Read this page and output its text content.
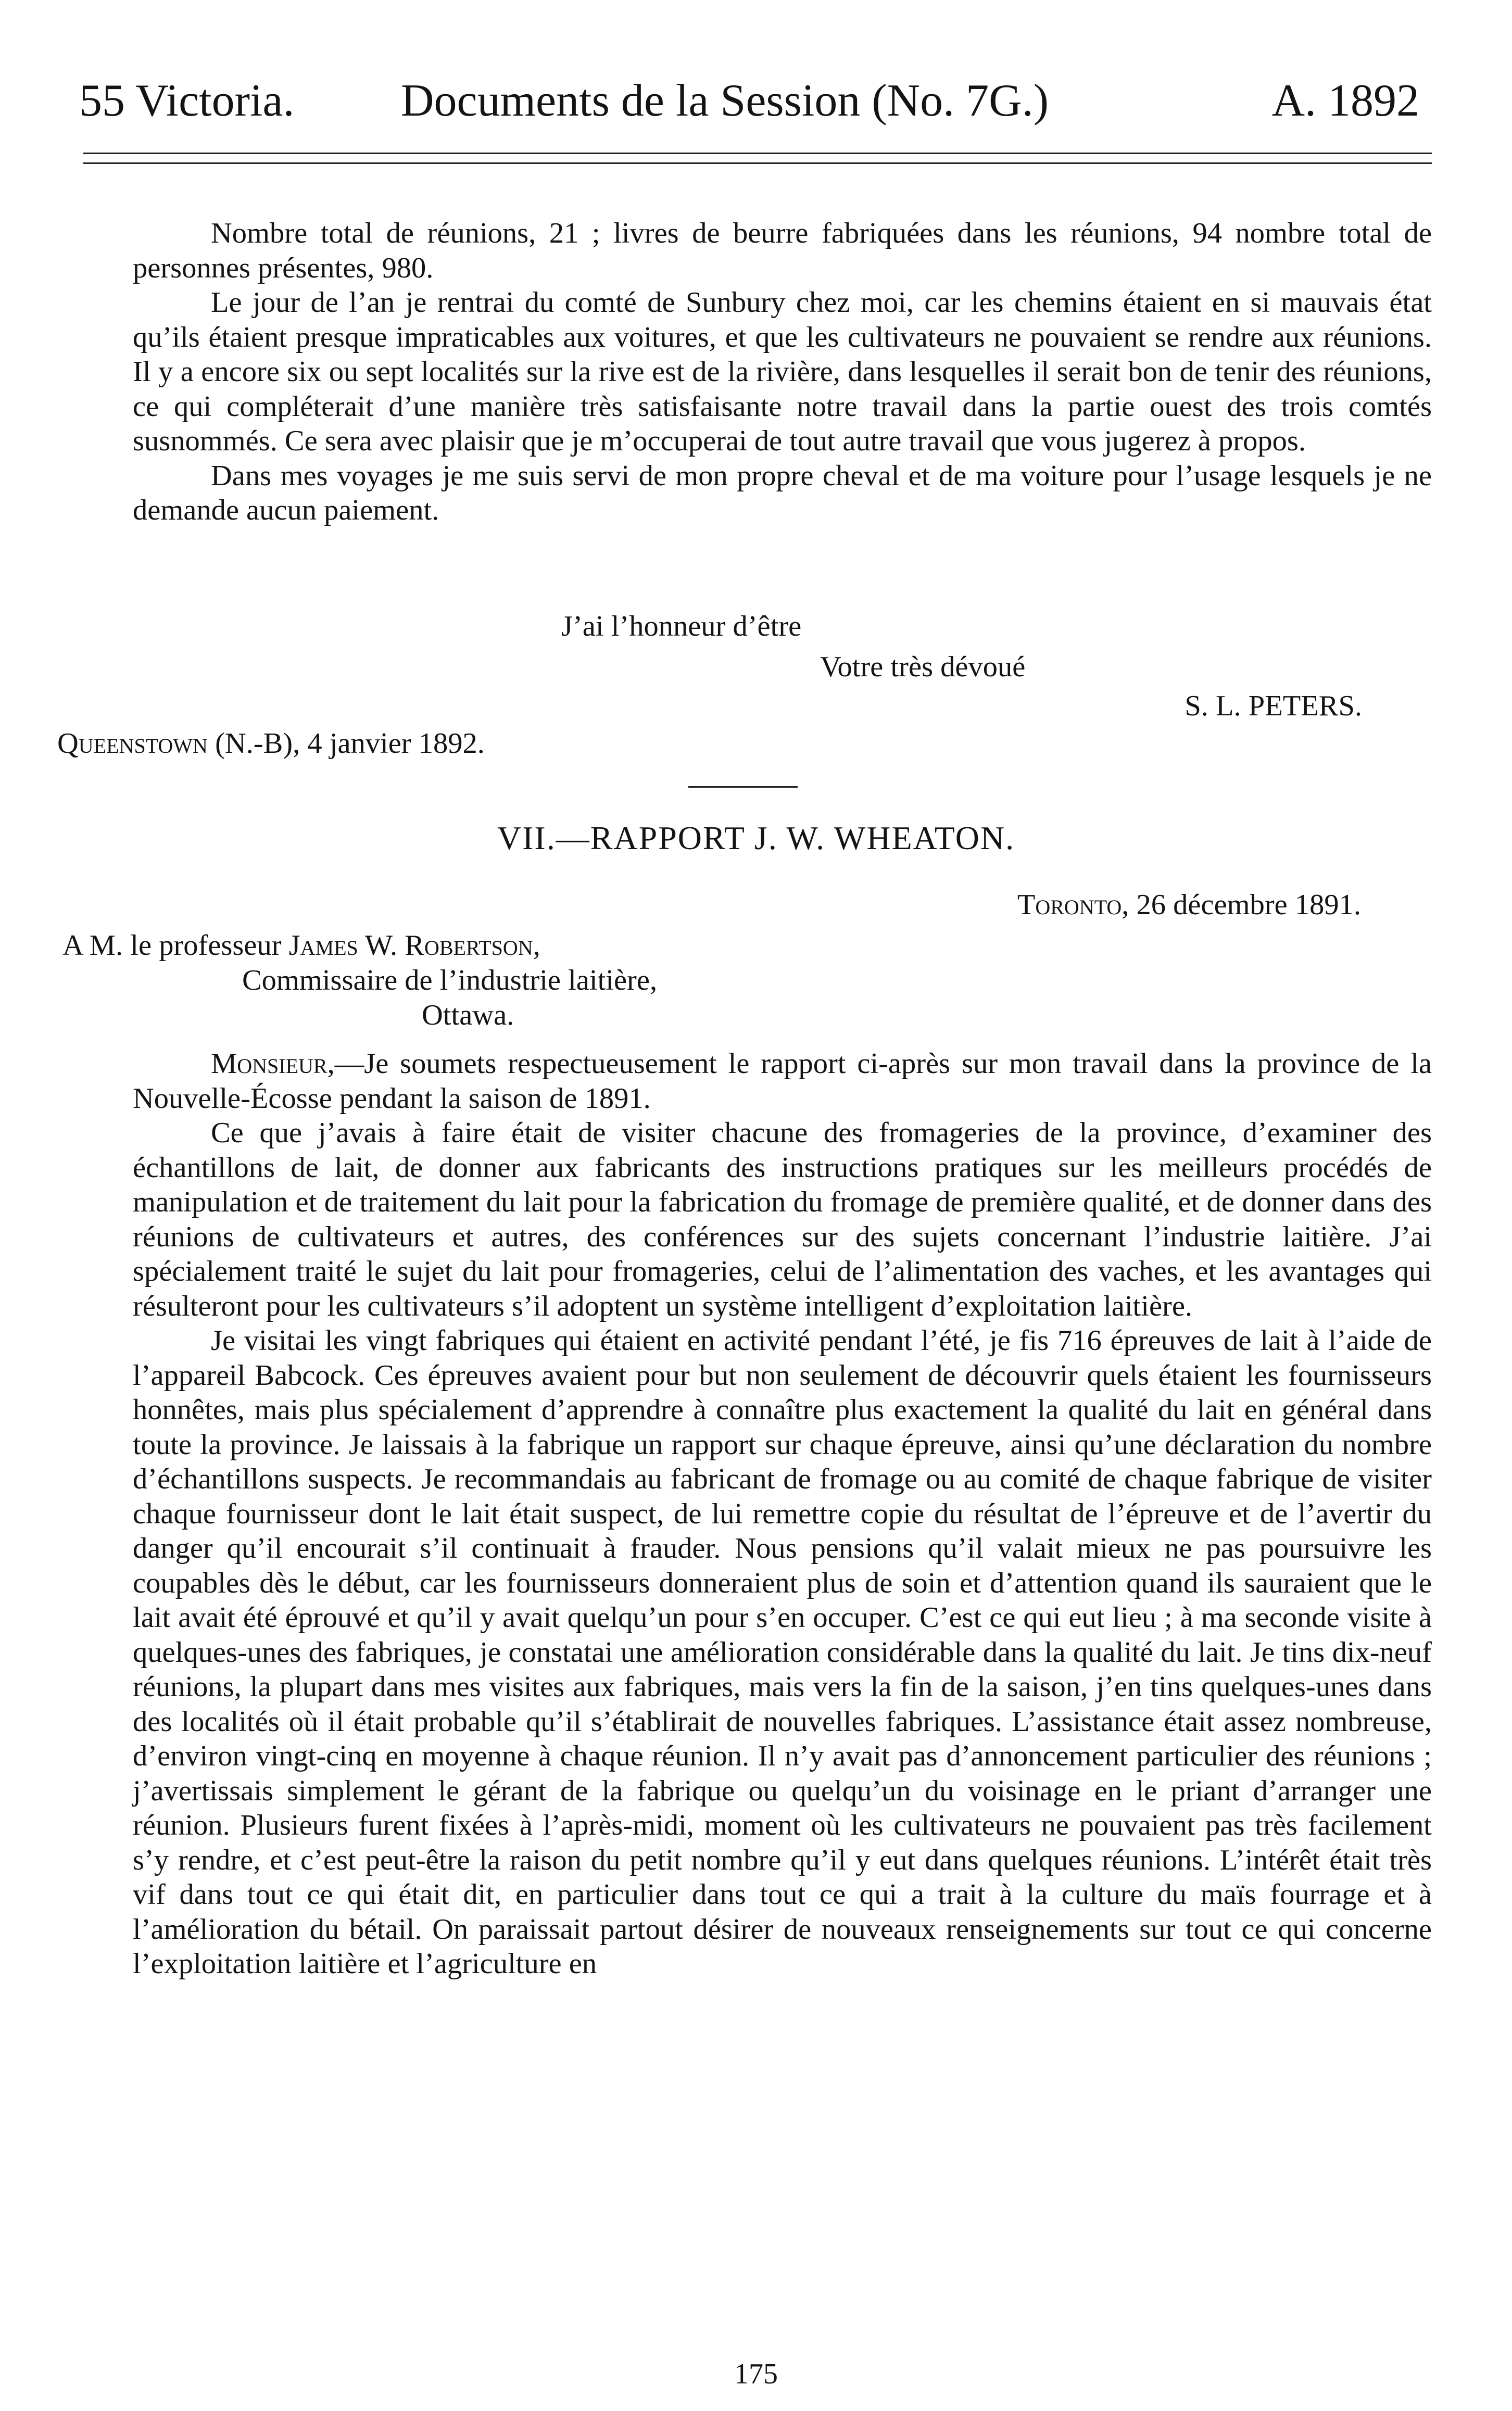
55 Victoria. Documents de la Session (No. 7G.)	A. 1892

Nombre total de réunions, 21 ; livres de beurre fabriquées dans les réunions, 94 nombre total de personnes présentes, 980.

Le jour de l’an je rentrai du comté de Sunbury chez moi, car les chemins étaient en si mauvais état qu’ils étaient presque impraticables aux voitures, et que les cultivateurs ne pouvaient se rendre aux réunions. Il y a encore six ou sept localités sur la rive est de la rivière, dans lesquelles il serait bon de tenir des réunions, ce qui compléterait d’une manière très satisfaisante notre travail dans la partie ouest des trois comtés susnommés. Ce sera avec plaisir que je m’occuperai de tout autre travail que vous jugerez à propos.

Dans mes voyages je me suis servi de mon propre cheval et de ma voiture pour l’usage lesquels je ne demande aucun paiement.

J’ai l’honneur d’être
Votre très dévoué
S. L. PETERS.
Queenstown (N.-B), 4 janvier 1892.
VII.—RAPPORT J. W. WHEATON.
Toronto, 26 décembre 1891.
A M. le professeur James W. Robertson,
Commissaire de l’industrie laitière,
Ottawa.

Monsieur,—Je soumets respectueusement le rapport ci-après sur mon travail dans la province de la Nouvelle-Écosse pendant la saison de 1891.

Ce que j’avais à faire était de visiter chacune des fromageries de la province, d’examiner des échantillons de lait, de donner aux fabricants des instructions pratiques sur les meilleurs procédés de manipulation et de traitement du lait pour la fabrication du fromage de première qualité, et de donner dans des réunions de cultivateurs et autres, des conférences sur des sujets concernant l’industrie laitière. J’ai spécialement traité le sujet du lait pour fromageries, celui de l’alimentation des vaches, et les avantages qui résulteront pour les cultivateurs s’il adoptent un système intelligent d’exploitation laitière.

Je visitai les vingt fabriques qui étaient en activité pendant l’été, je fis 716 épreuves de lait à l’aide de l’appareil Babcock. Ces épreuves avaient pour but non seulement de découvrir quels étaient les fournisseurs honnêtes, mais plus spécialement d’apprendre à connaître plus exactement la qualité du lait en général dans toute la province. Je laissais à la fabrique un rapport sur chaque épreuve, ainsi qu’une déclaration du nombre d’échantillons suspects. Je recommandais au fabricant de fromage ou au comité de chaque fabrique de visiter chaque fournisseur dont le lait était suspect, de lui remettre copie du résultat de l’épreuve et de l’avertir du danger qu’il encourait s’il continuait à frauder. Nous pensions qu’il valait mieux ne pas poursuivre les coupables dès le début, car les fournisseurs donneraient plus de soin et d’attention quand ils sauraient que le lait avait été éprouvé et qu’il y avait quelqu’un pour s’en occuper. C’est ce qui eut lieu ; à ma seconde visite à quelques-unes des fabriques, je constatai une amélioration considérable dans la qualité du lait. Je tins dix-neuf réunions, la plupart dans mes visites aux fabriques, mais vers la fin de la saison, j’en tins quelques-unes dans des localités où il était probable qu’il s’établirait de nouvelles fabriques. L’assistance était assez nombreuse, d’environ vingt-cinq en moyenne à chaque réunion. Il n’y avait pas d’annoncement particulier des réunions ; j’avertissais simplement le gérant de la fabrique ou quelqu’un du voisinage en le priant d’arranger une réunion. Plusieurs furent fixées à l’après-midi, moment où les cultivateurs ne pouvaient pas très facilement s’y rendre, et c’est peut-être la raison du petit nombre qu’il y eut dans quelques réunions. L’intérêt était très vif dans tout ce qui était dit, en particulier dans tout ce qui a trait à la culture du maïs fourrage et à l’amélioration du bétail. On paraissait partout désirer de nouveaux renseignements sur tout ce qui concerne l’exploitation laitière et l’agriculture en

175
